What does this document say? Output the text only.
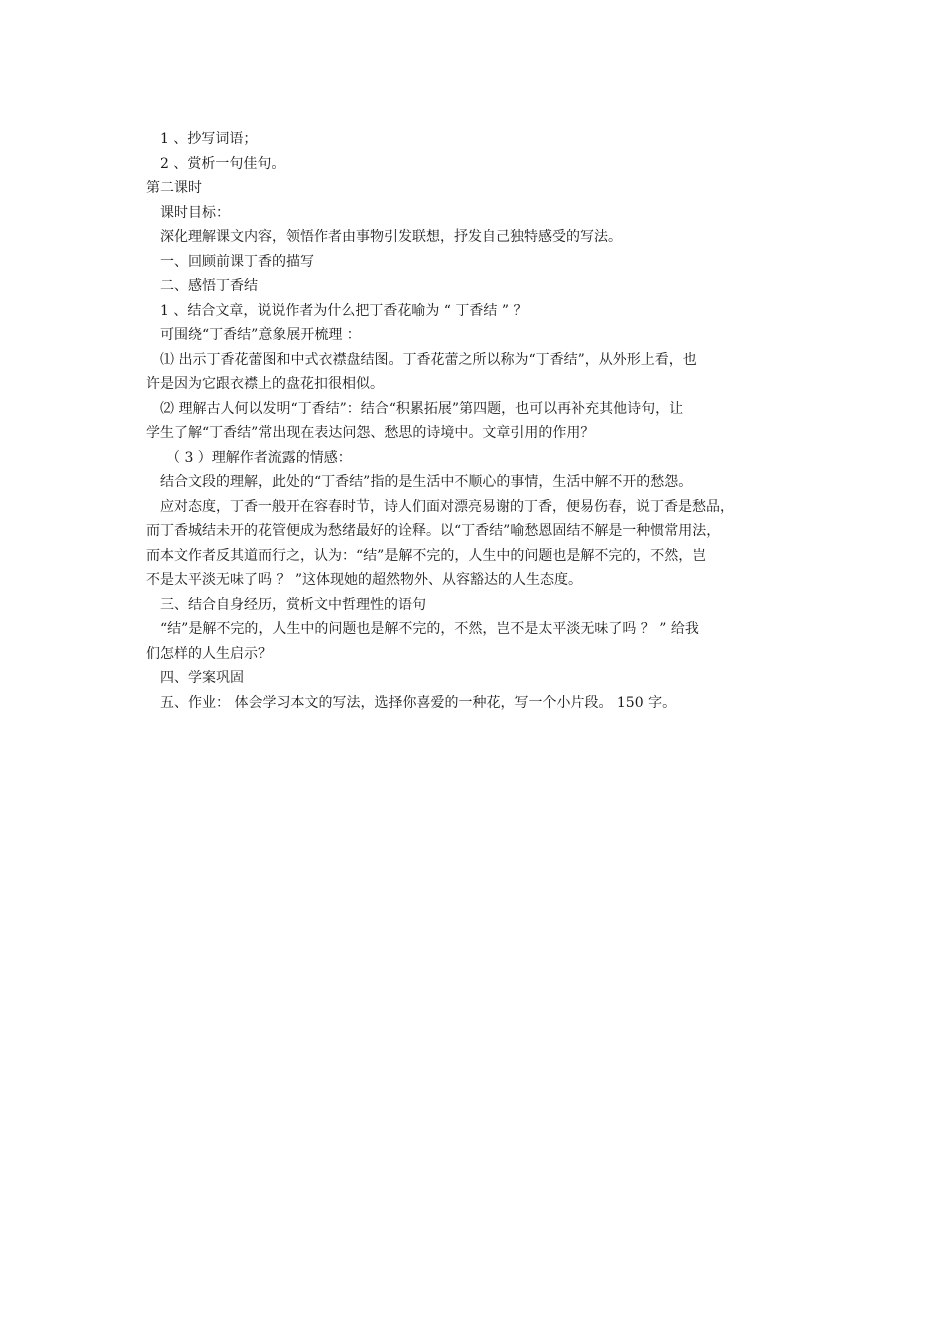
1 、抄写词语；
2 、赏析一句佳句。
第二课时
课时目标：
深化理解课文内容，领悟作者由事物引发联想，抒发自己独特感受的写法。
一、回顾前课丁香的描写
二、感悟丁香结
1 、结合文章，说说作者为什么把丁香花喻为 “ 丁香结 ” ？
可围绕“丁香结”意象展开梳理 ：
⑴ 出示丁香花蕾图和中式衣襟盘结图。丁香花蕾之所以称为“丁香结”，从外形上看，也
许是因为它跟衣襟上的盘花扣很相似。
⑵ 理解古人何以发明“丁香结”：结合“积累拓展”第四题，也可以再补充其他诗句，让
学生了解“丁香结”常出现在表达问怨、愁思的诗境中。文章引用的作用？
（ 3 ）理解作者流露的情感：
结合文段的理解，此处的“丁香结”指的是生活中不顺心的事情，生活中解不开的愁怨。
应对态度，丁香一般开在容春时节，诗人们面对漂亮易谢的丁香，便易伤春，说丁香是愁品，
而丁香城结未开的花管便成为愁绪最好的诠释。以“丁香结”喻愁恩固结不解是一种惯常用法，
而本文作者反其道而行之，认为：“结”是解不完的，人生中的问题也是解不完的，不然，岂
不是太平淡无味了吗 ？ ”这体现她的超然物外、从容豁达的人生态度。
三、结合自身经历，赏析文中哲理性的语句
“结”是解不完的，人生中的问题也是解不完的，不然，岂不是太平淡无味了吗 ？ ” 给我
们怎样的人生启示？
四、学案巩固
五、作业： 体会学习本文的写法，选择你喜爱的一种花，写一个小片段。 150 字。
